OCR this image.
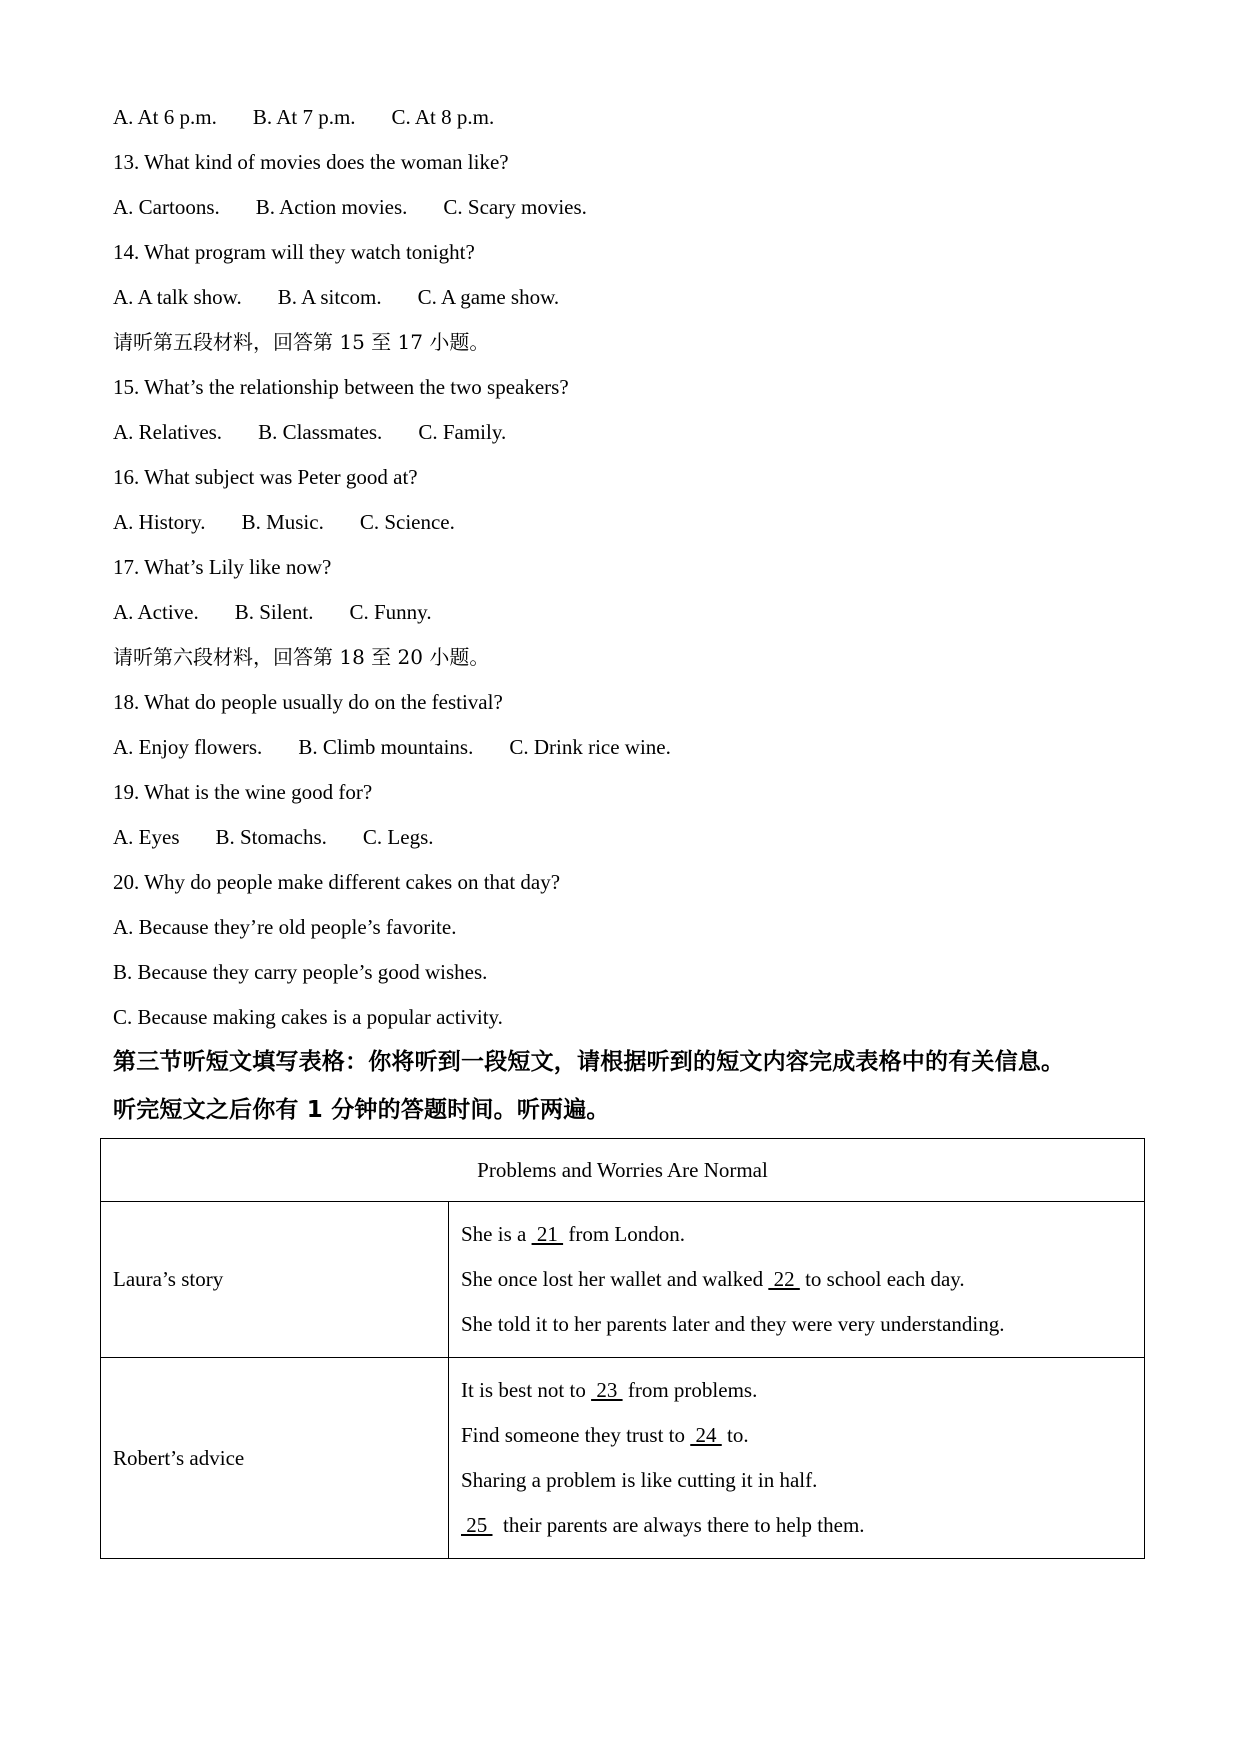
A. At 6 p.m. B. At 7 p.m. C. At 8 p.m.
13. What kind of movies does the woman like?
A. Cartoons. B. Action movies. C. Scary movies.
14. What program will they watch tonight?
A. A talk show. B. A sitcom. C. A game show.
请听第五段材料，回答第 15 至 17 小题。
15. What’s the relationship between the two speakers?
A. Relatives. B. Classmates. C. Family.
16. What subject was Peter good at?
A. History. B. Music. C. Science.
17. What’s Lily like now?
A. Active. B. Silent. C. Funny.
请听第六段材料，回答第 18 至 20 小题。
18. What do people usually do on the festival?
A. Enjoy flowers. B. Climb mountains. C. Drink rice wine.
19. What is the wine good for?
A. Eyes B. Stomachs. C. Legs.
20. Why do people make different cakes on that day?
A. Because they’re old people’s favorite.
B. Because they carry people’s good wishes.
C. Because making cakes is a popular activity.
第三节听短文填写表格：你将听到一段短文，请根据听到的短文内容完成表格中的有关信息。
听完短文之后你有 1 分钟的答题时间。听两遍。
Problems and Worries Are Normal	
Laura’s story	She is a  21  from London.
She once lost her wallet and walked  22  to school each day.
She told it to her parents later and they were very understanding.

Robert’s advice	It is best not to  23  from problems.
Find someone they trust to  24  to.
Sharing a problem is like cutting it in half.
25   their parents are always there to help them.
